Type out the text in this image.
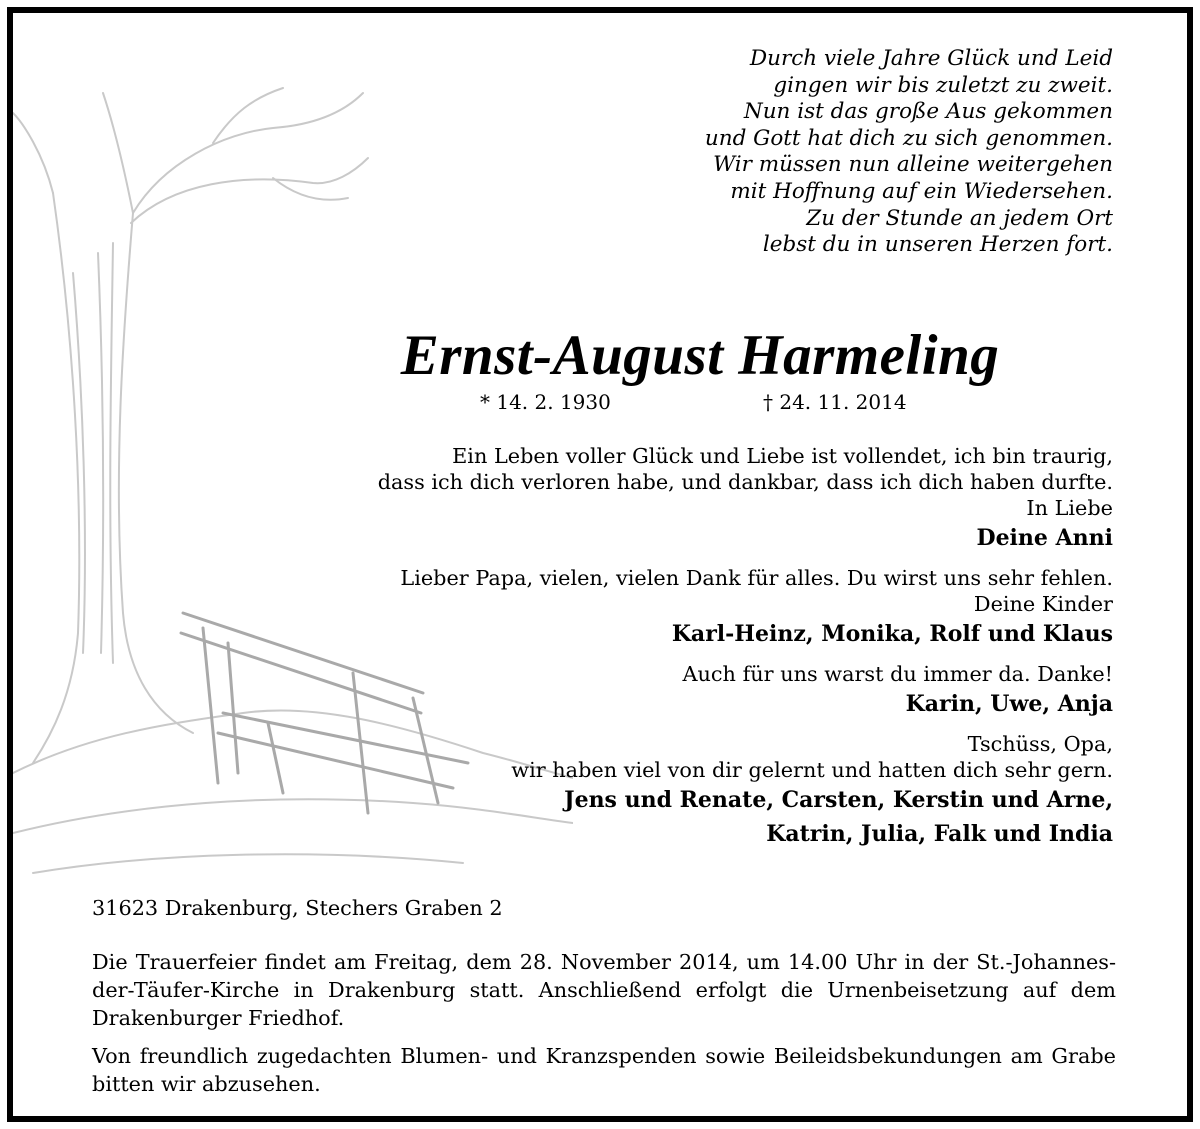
Durch viele Jahre Glück und Leid
gingen wir bis zuletzt zu zweit.
Nun ist das große Aus gekommen
und Gott hat dich zu sich genommen.
Wir müssen nun alleine weitergehen
mit Hoffnung auf ein Wiedersehen.
Zu der Stunde an jedem Ort
lebst du in unseren Herzen fort.
Ernst-August Harmeling
* 14. 2. 1930	† 24. 11. 2014
Ein Leben voller Glück und Liebe ist vollendet, ich bin traurig,
dass ich dich verloren habe, und dankbar, dass ich dich haben durfte.
In Liebe
Deine Anni
Lieber Papa, vielen, vielen Dank für alles. Du wirst uns sehr fehlen.
Deine Kinder
Karl-Heinz, Monika, Rolf und Klaus
Auch für uns warst du immer da. Danke!
Karin, Uwe, Anja
Tschüss, Opa,
wir haben viel von dir gelernt und hatten dich sehr gern.
Jens und Renate, Carsten, Kerstin und Arne,
Katrin, Julia, Falk und India
31623 Drakenburg, Stechers Graben 2
Die Trauerfeier findet am Freitag, dem 28. November 2014, um 14.00 Uhr in der St.-Johannes-der-Täufer-Kirche in Drakenburg statt. Anschließend erfolgt die Urnenbeisetzung auf dem Drakenburger Friedhof.
Von freundlich zugedachten Blumen- und Kranzspenden sowie Beileidsbekundungen am Grabe bitten wir abzusehen.
